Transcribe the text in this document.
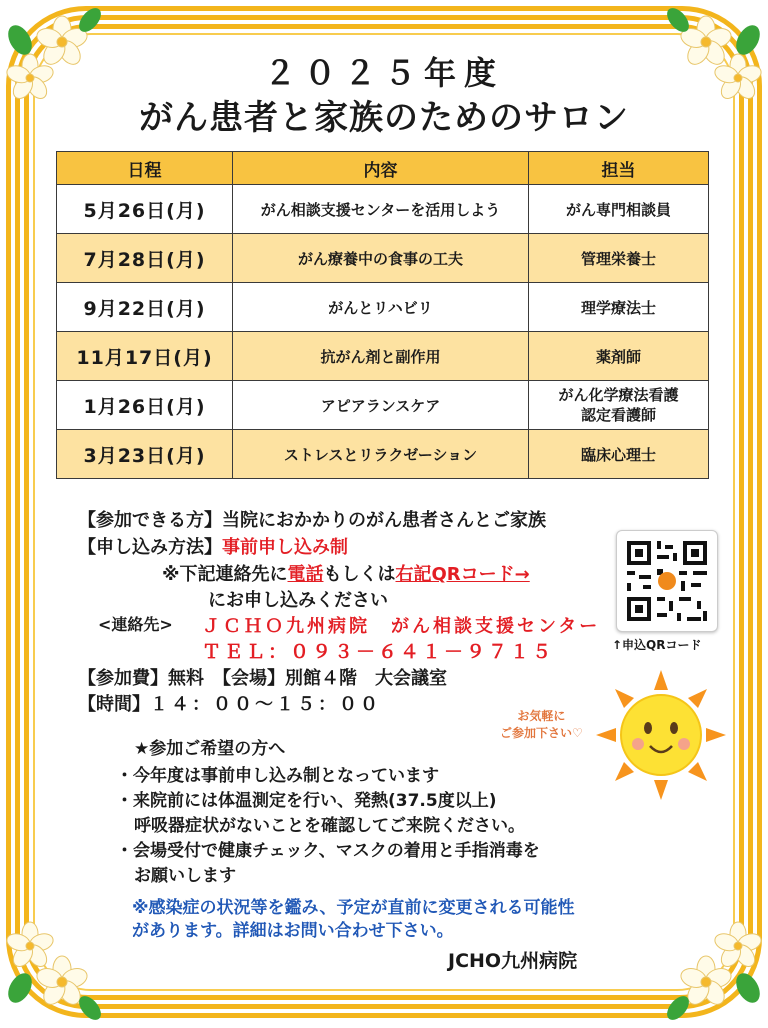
２０２５年度
がん患者と家族のためのサロン
日程	内容	担当
5月26日(月)	がん相談支援センターを活用しよう	がん専門相談員
7月28日(月)	がん療養中の食事の工夫	管理栄養士
9月22日(月)	がんとリハビリ	理学療法士
11月17日(月)	抗がん剤と副作用	薬剤師
1月26日(月)	アピアランスケア	がん化学療法看護
認定看護師

3月23日(月)	ストレスとリラクゼーション	臨床心理士
【参加できる方】当院におかかりのがん患者さんとご家族
【申し込み方法】事前申し込み制
※下記連絡先に電話もしくは右記QRコード→
にお申し込みください
<連絡先> ＪＣＨＯ九州病院　がん相談支援センター
ＴＥＬ：０９３－６４１－９７１５
【参加費】無料　 【会場】別館４階　大会議室
【時間】１４：００～１５：００
↑申込QRコード
お気軽に
ご参加下さい♡
★参加ご希望の方へ
・今年度は事前申し込み制となっています
・来院前には体温測定を行い、発熱(37.5度以上)
呼吸器症状がないことを確認してご来院ください。
・会場受付で健康チェック、マスクの着用と手指消毒を
お願いします
※感染症の状況等を鑑み、予定が直前に変更される可能性
があります。詳細はお問い合わせ下さい。
JCHO九州病院
